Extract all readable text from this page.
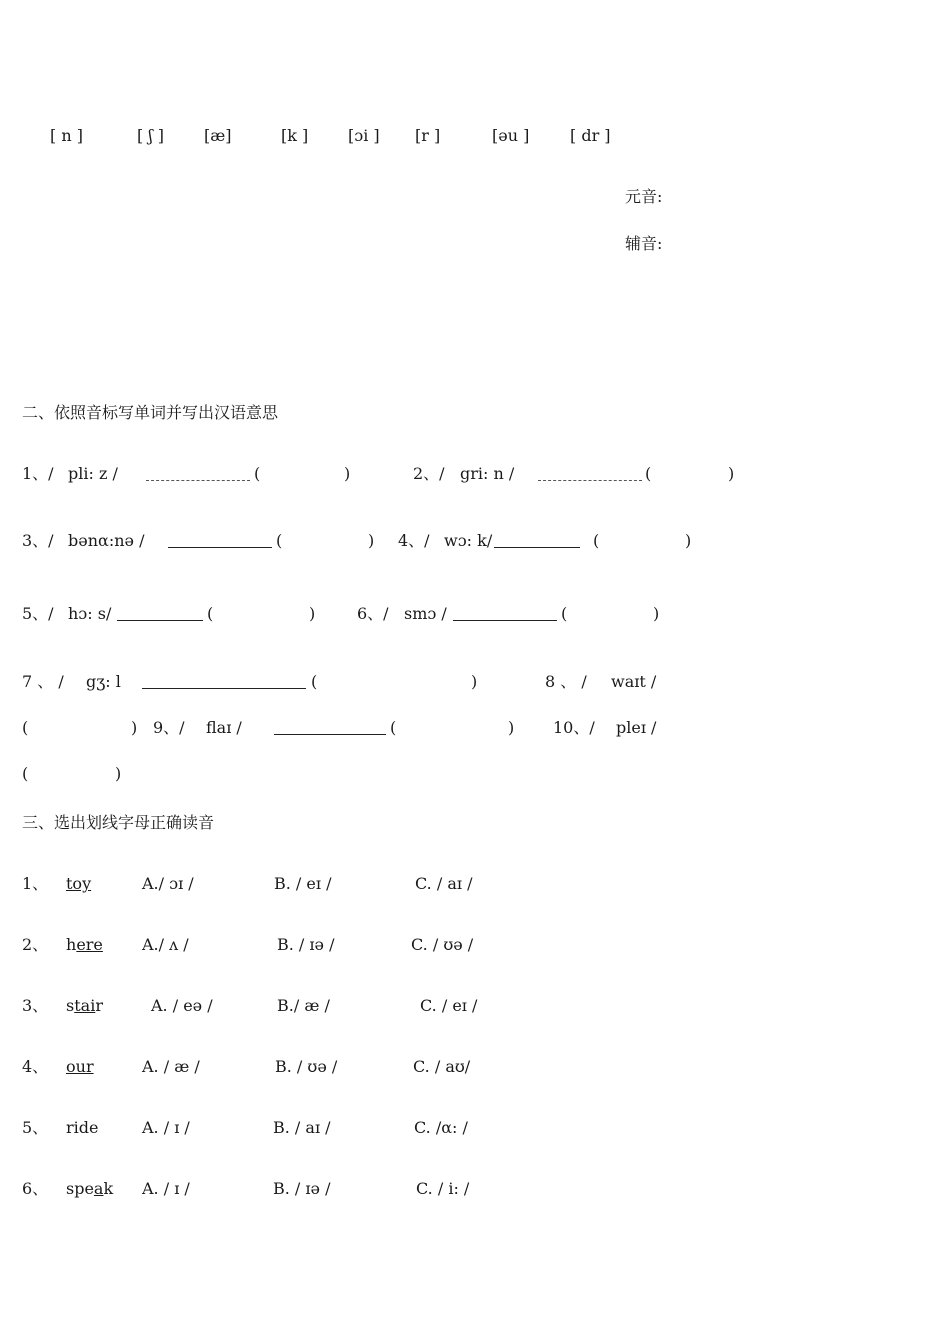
[ n ]	[ ʃ ]	[æ]	[k ] [ɔi ] [r ]	[əu ]	[ dr ]
元音:
辅音:
二、依照音标写单词并写出汉语意思
1、/ pli: z /	(	)	2、/ gri: n /	(	)
3、/ bənα:nə /	(	) 4、/ wɔ: k/	(	)
5、/ hɔ: s/	(	)	6、/ smɔ /	(	)
7 、 / gʒ: l	(	)	8 、 / waɪt /
(	) 9、/ flaɪ /	(	) 10、/ pleɪ /
(	)
三、选出划线字母正确读音
1、 toy	A./ ɔɪ /	B. / eɪ /	C. / aɪ /
2、 here A./ ʌ /	B. / ɪə /	C. / ʊə /
3、 stair	A. / eə /	B./ æ /	C. / eɪ /
4、 our	A. / æ /	B. / ʊə /	C. / aʊ/
5、 ride	A. / ɪ /	B. / aɪ /	C. /α: /
6、 speak A. / ɪ /	B. / ɪə /	C. / i: /
